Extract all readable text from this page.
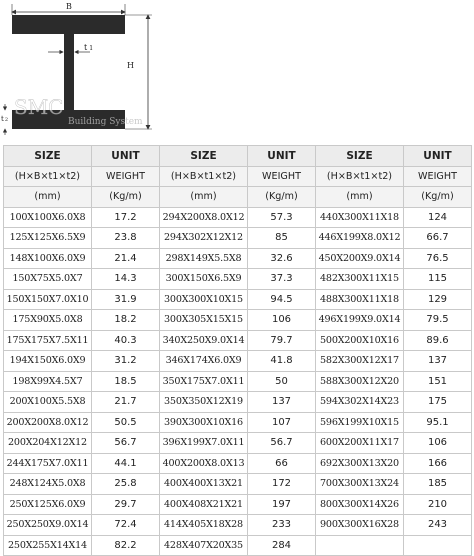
B
H
t 1
t2
SMC
Building System
SIZE	UNIT	SIZE	UNIT	SIZE	UNIT
(H×B×t1×t2)	WEIGHT	(H×B×t1×t2)	WEIGHT	(H×B×t1×t2)	WEIGHT
(mm)	(Kg/m)	(mm)	(Kg/m)	(mm)	(Kg/m)
100X100X6.0X8	17.2	294X200X8.0X12	57.3	440X300X11X18	124
125X125X6.5X9	23.8	294X302X12X12	85	446X199X8.0X12	66.7
148X100X6.0X9	21.4	298X149X5.5X8	32.6	450X200X9.0X14	76.5
150X75X5.0X7	14.3	300X150X6.5X9	37.3	482X300X11X15	115
150X150X7.0X10	31.9	300X300X10X15	94.5	488X300X11X18	129
175X90X5.0X8	18.2	300X305X15X15	106	496X199X9.0X14	79.5
175X175X7.5X11	40.3	340X250X9.0X14	79.7	500X200X10X16	89.6
194X150X6.0X9	31.2	346X174X6.0X9	41.8	582X300X12X17	137
198X99X4.5X7	18.5	350X175X7.0X11	50	588X300X12X20	151
200X100X5.5X8	21.7	350X350X12X19	137	594X302X14X23	175
200X200X8.0X12	50.5	390X300X10X16	107	596X199X10X15	95.1
200X204X12X12	56.7	396X199X7.0X11	56.7	600X200X11X17	106
244X175X7.0X11	44.1	400X200X8.0X13	66	692X300X13X20	166
248X124X5.0X8	25.8	400X400X13X21	172	700X300X13X24	185
250X125X6.0X9	29.7	400X408X21X21	197	800X300X14X26	210
250X250X9.0X14	72.4	414X405X18X28	233	900X300X16X28	243
250X255X14X14	82.2	428X407X20X35	284		
